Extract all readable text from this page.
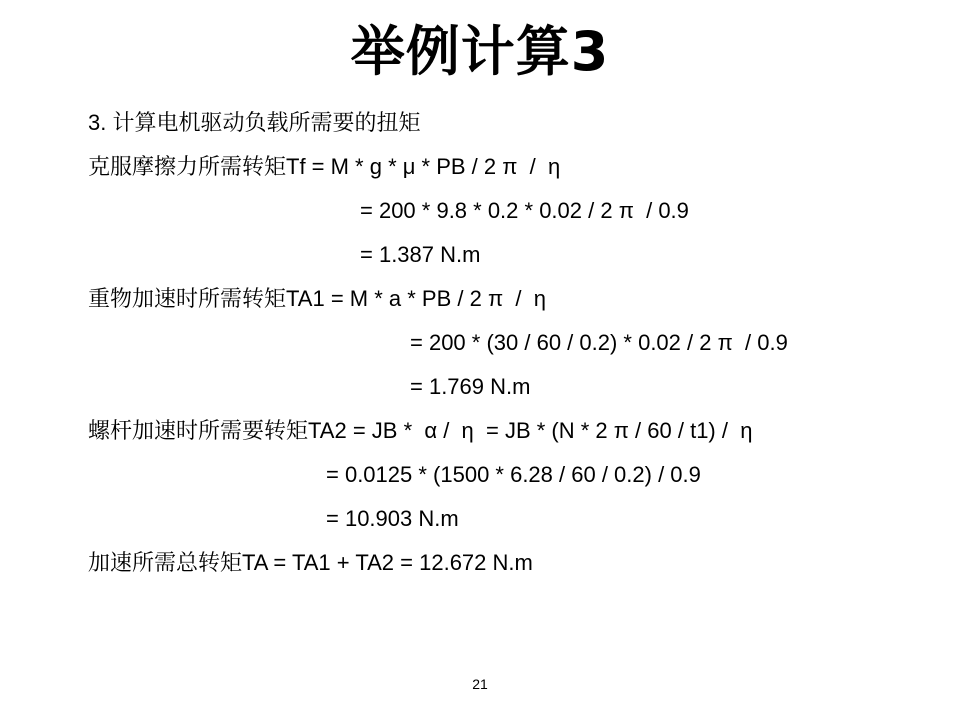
举例计算3
3. 计算电机驱动负载所需要的扭矩
克服摩擦力所需转矩Tf = M * g * μ * PB / 2 π  /  η
= 200 * 9.8 * 0.2 * 0.02 / 2 π  / 0.9
= 1.387 N.m
重物加速时所需转矩TA1 = M * a * PB / 2 π  /  η
= 200 * (30 / 60 / 0.2) * 0.02 / 2 π  / 0.9
= 1.769 N.m
螺杆加速时所需要转矩TA2 = JB *  α /  η  = JB * (N * 2 π / 60 / t1) /  η
= 0.0125 * (1500 * 6.28 / 60 / 0.2) / 0.9
= 10.903 N.m
加速所需总转矩TA = TA1 + TA2 = 12.672 N.m
21
